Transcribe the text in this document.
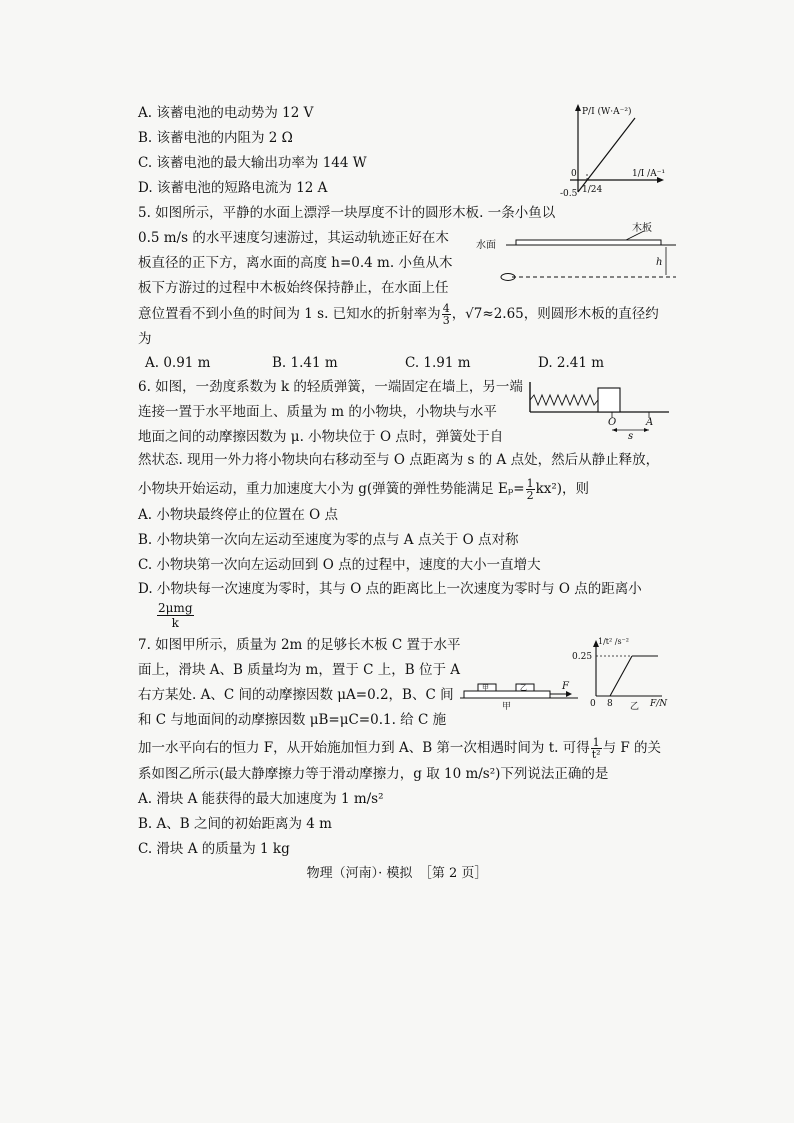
A. 该蓄电池的电动势为 12 V
B. 该蓄电池的内阻为 2 Ω
C. 该蓄电池的最大输出功率为 144 W
D. 该蓄电池的短路电流为 12 A
P/I (W·A⁻²)
1/I /A⁻¹
0
-0.5 1/24
5. 如图所示，平静的水面上漂浮一块厚度不计的圆形木板. 一条小鱼以
0.5 m/s 的水平速度匀速游过，其运动轨迹正好在木
板直径的正下方，离水面的高度 h=0.4 m. 小鱼从木
板下方游过的过程中木板始终保持静止，在水面上任
意位置看不到小鱼的时间为 1 s. 已知水的折射率为 $\frac{4}{3}$ ，√7≈2.65，则圆形木板的直径约
为
木板
水面
h
A. 0.91 m	B. 1.41 m	C. 1.91 m	D. 2.41 m
6. 如图，一劲度系数为 k 的轻质弹簧，一端固定在墙上，另一端
连接一置于水平地面上、质量为 m 的小物块，小物块与水平
地面之间的动摩擦因数为 μ. 小物块位于 O 点时，弹簧处于自
然状态. 现用一外力将小物块向右移动至与 O 点距离为 s 的 A 点处，然后从静止释放，
小物块开始运动，重力加速度大小为 g(弹簧的弹性势能满足 $E_p= \frac{1}{2} kx^2$)，则
O	A
s
A. 小物块最终停止的位置在 O 点
B. 小物块第一次向左运动至速度为零的点与 A 点关于 O 点对称
C. 小物块第一次向左运动回到 O 点的过程中，速度的大小一直增大
D. 小物块每一次速度为零时，其与 O 点的距离比上一次速度为零时与 O 点的距离小
$\frac{\text{2μmg}}{k}$
7. 如图甲所示，质量为 2m 的足够长木板 C 置于水平
面上，滑块 A、B 质量均为 m，置于 C 上，B 位于 A
右方某处. A、C 间的动摩擦因数 μA=0.2，B、C 间
和 C 与地面间的动摩擦因数 μB=μC=0.1. 给 C 施
加一水平向右的恒力 F，从开始施加恒力到 A、B 第一次相遇时间为 t. 可得 $\frac{1}{\text{t²}}$ 与 F 的关
系如图乙所示(最大静摩擦力等于滑动摩擦力，g 取 10 m/s²)下列说法正确的是
甲	乙	F
甲
1/t² /s⁻²
0.25
0 8	F/N
乙
A. 滑块 A 能获得的最大加速度为 1 m/s²
B. A、B 之间的初始距离为 4 m
C. 滑块 A 的质量为 1 kg
物理（河南）· 模拟　［第 2 页］
